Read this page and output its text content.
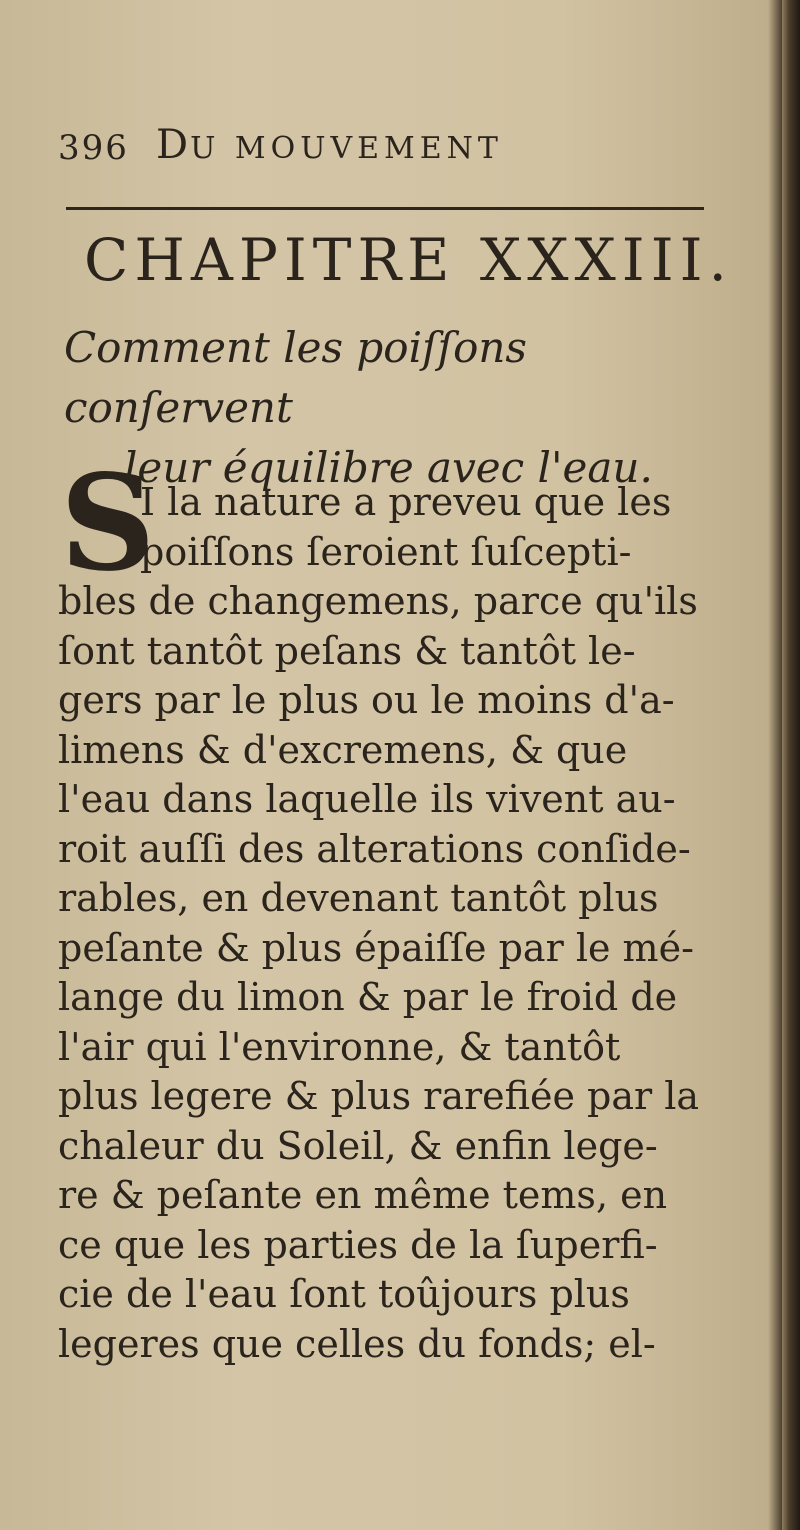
396 DU MOUVEMENT
CHAPITRE XXXIII.
Comment les poiſſons conſervent
leur équilibre avec l'eau.
S
I la nature a preveu que les
poiſſons ſeroient ſuſcepti-
bles de changemens, parce qu'ils
ſont tantôt peſans & tantôt le-
gers par le plus ou le moins d'a-
limens & d'excremens, & que
l'eau dans laquelle ils vivent au-
roit auſſi des alterations conſide-
rables, en devenant tantôt plus
peſante & plus épaiſſe par le mé-
lange du limon & par le froid de
l'air qui l'environne, & tantôt
plus legere & plus rarefiée par la
chaleur du Soleil, & enfin lege-
re & peſante en même tems, en
ce que les parties de la ſuperfi-
cie de l'eau ſont toûjours plus
legeres que celles du fonds; el-
